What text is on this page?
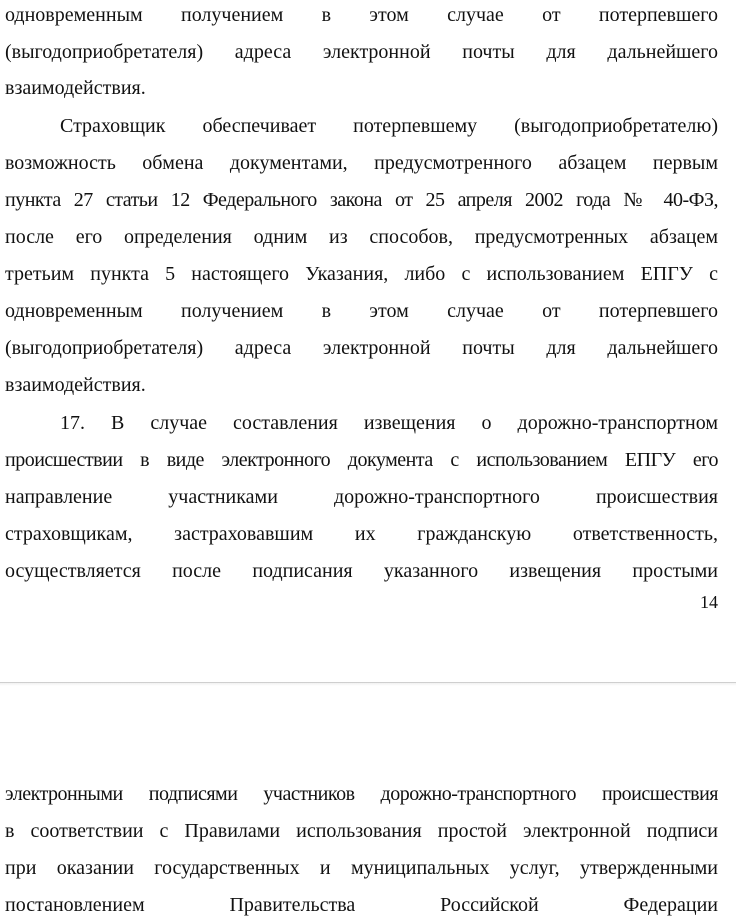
одновременным получением в этом случае от потерпевшего
(выгодоприобретателя) адреса электронной почты для дальнейшего
взаимодействия.
Страховщик обеспечивает потерпевшему (выгодоприобретателю)
возможность обмена документами, предусмотренного абзацем первым
пункта 27 статьи 12 Федерального закона от 25 апреля 2002 года № 40-ФЗ,
после его определения одним из способов, предусмотренных абзацем
третьим пункта 5 настоящего Указания, либо с использованием ЕПГУ с
одновременным получением в этом случае от потерпевшего
(выгодоприобретателя) адреса электронной почты для дальнейшего
взаимодействия.
17. В случае составления извещения о дорожно-транспортном
происшествии в виде электронного документа с использованием ЕПГУ его
направление участниками дорожно-транспортного происшествия
страховщикам, застраховавшим их гражданскую ответственность,
осуществляется после подписания указанного извещения простыми
14
электронными подписями участников дорожно-транспортного происшествия
в соответствии с Правилами использования простой электронной подписи
при оказании государственных и муниципальных услуг, утвержденными
постановлением Правительства Российской Федерации
